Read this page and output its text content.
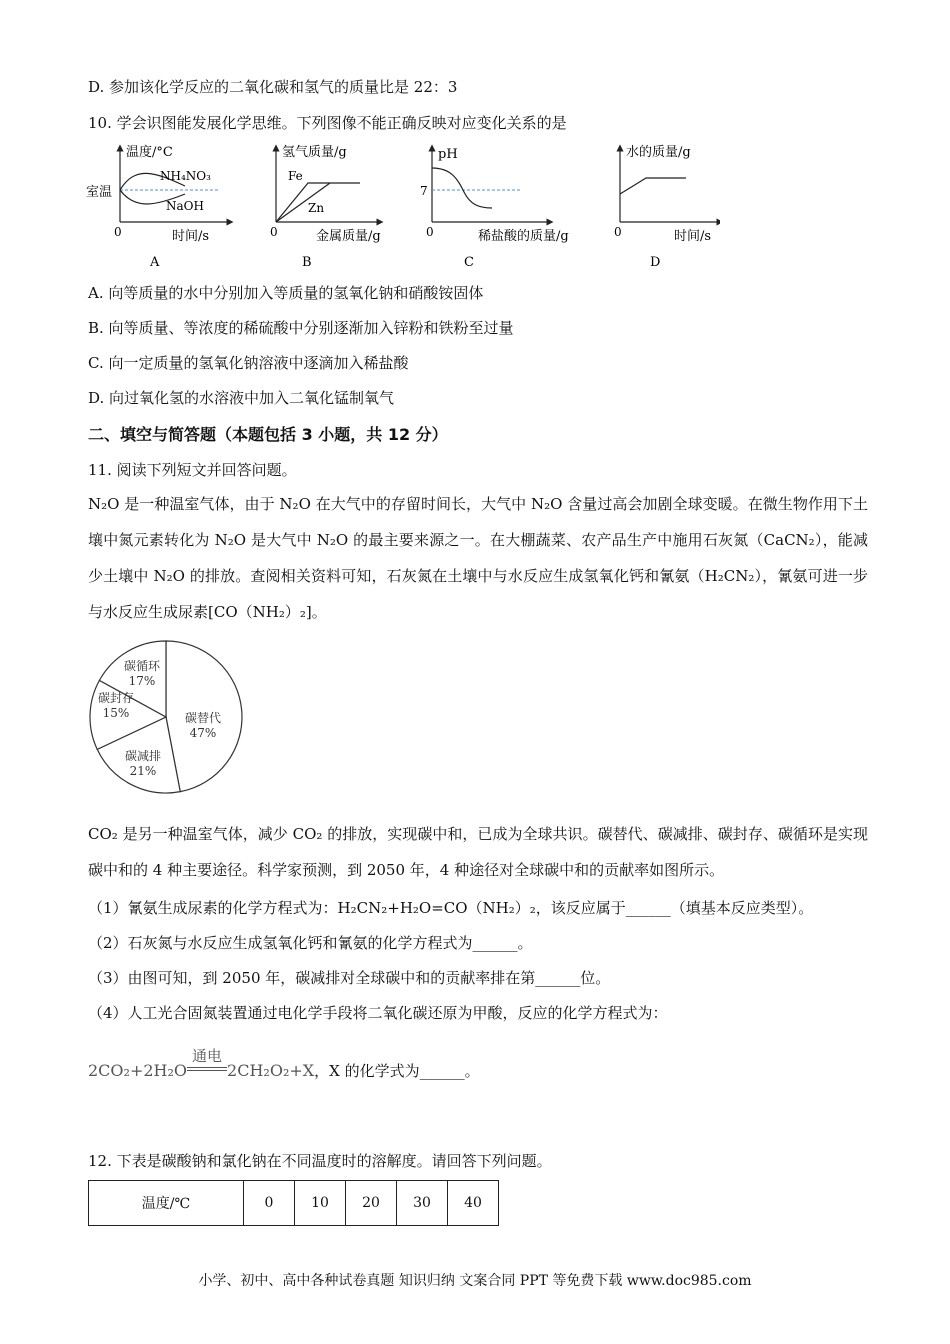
D. 参加该化学反应的二氧化碳和氢气的质量比是 22：3
10. 学会识图能发展化学思维。下列图像不能正确反映对应变化关系的是
温度/°C
室温
NH₄NO₃
NaOH
0	时间/s
A
氢气质量/g
Fe
Zn
0	金属质量/g
B
pH
7
0	稀盐酸的质量/g
C
水的质量/g
0	时间/s
D
A. 向等质量的水中分别加入等质量的氢氧化钠和硝酸铵固体
B. 向等质量、等浓度的稀硫酸中分别逐渐加入锌粉和铁粉至过量
C. 向一定质量的氢氧化钠溶液中逐滴加入稀盐酸
D. 向过氧化氢的水溶液中加入二氧化锰制氧气
二、填空与简答题（本题包括 3 小题，共 12 分）
11. 阅读下列短文并回答问题。
N₂O 是一种温室气体，由于 N₂O 在大气中的存留时间长，大气中 N₂O 含量过高会加剧全球变暖。在微生物作用下土壤中氮元素转化为 N₂O 是大气中 N₂O 的最主要来源之一。在大棚蔬菜、农产品生产中施用石灰氮（CaCN₂），能减少土壤中 N₂O 的排放。查阅相关资料可知，石灰氮在土壤中与水反应生成氢氧化钙和氰氨（H₂CN₂），氰氨可进一步与水反应生成尿素[CO（NH₂）₂]。
碳替代
47%
碳减排
21%
碳封存
15%
碳循环
17%
CO₂ 是另一种温室气体，减少 CO₂ 的排放，实现碳中和，已成为全球共识。碳替代、碳减排、碳封存、碳循环是实现碳中和的 4 种主要途径。科学家预测，到 2050 年，4 种途径对全球碳中和的贡献率如图所示。
（1）氰氨生成尿素的化学方程式为：H₂CN₂+H₂O=CO（NH₂）₂，该反应属于______（填基本反应类型）。
（2）石灰氮与水反应生成氢氧化钙和氰氨的化学方程式为______。
（3）由图可知，到 2050 年，碳减排对全球碳中和的贡献率排在第______位。
（4）人工光合固氮装置通过电化学手段将二氧化碳还原为甲酸，反应的化学方程式为：
2CO₂+2H₂O
通电
2CH₂O₂+X，X 的化学式为______。
12. 下表是碳酸钠和氯化钠在不同温度时的溶解度。请回答下列问题。
温度/℃	0	10	20	30	40
小学、初中、高中各种试卷真题 知识归纳 文案合同 PPT 等免费下载 www.doc985.com
